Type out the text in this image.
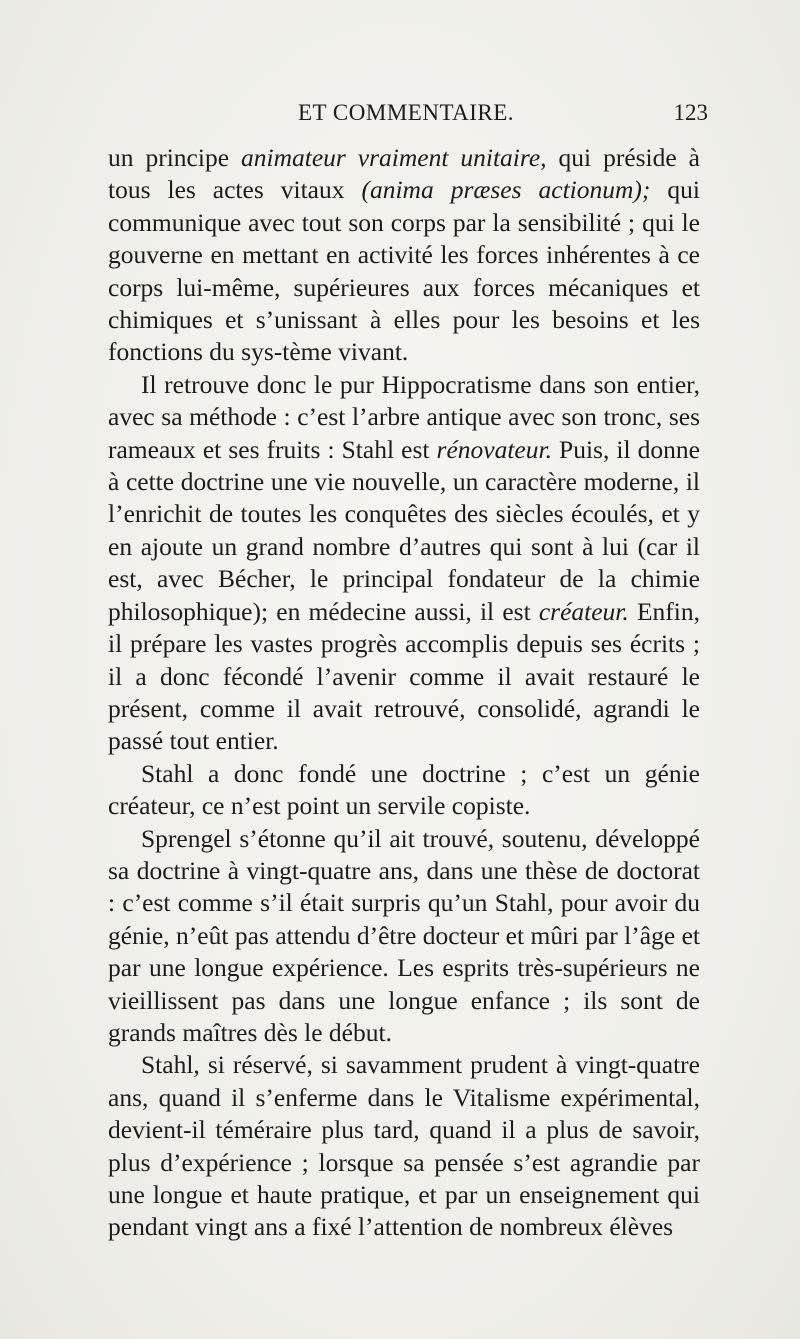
ET COMMENTAIRE.	123

un principe animateur vraiment unitaire, qui préside à tous les actes vitaux (anima præses actionum); qui communique avec tout son corps par la sensibilité ; qui le gouverne en mettant en activité les forces inhérentes à ce corps lui-même, supérieures aux forces mécaniques et chimiques et s’unissant à elles pour les besoins et les fonctions du sys-tème vivant.

Il retrouve donc le pur Hippocratisme dans son entier, avec sa méthode : c’est l’arbre antique avec son tronc, ses rameaux et ses fruits : Stahl est rénovateur. Puis, il donne à cette doctrine une vie nouvelle, un caractère moderne, il l’enrichit de toutes les conquêtes des siècles écoulés, et y en ajoute un grand nombre d’autres qui sont à lui (car il est, avec Bécher, le principal fondateur de la chimie philosophique); en médecine aussi, il est créateur. Enfin, il prépare les vastes progrès accomplis depuis ses écrits ; il a donc fécondé l’avenir comme il avait restauré le présent, comme il avait retrouvé, consolidé, agrandi le passé tout entier.

Stahl a donc fondé une doctrine ; c’est un génie créateur, ce n’est point un servile copiste.

Sprengel s’étonne qu’il ait trouvé, soutenu, développé sa doctrine à vingt-quatre ans, dans une thèse de doctorat : c’est comme s’il était surpris qu’un Stahl, pour avoir du génie, n’eût pas attendu d’être docteur et mûri par l’âge et par une longue expérience. Les esprits très-supérieurs ne vieillissent pas dans une longue enfance ; ils sont de grands maîtres dès le début.

Stahl, si réservé, si savamment prudent à vingt-quatre ans, quand il s’enferme dans le Vitalisme expérimental, devient-il téméraire plus tard, quand il a plus de savoir, plus d’expérience ; lorsque sa pensée s’est agrandie par une longue et haute pratique, et par un enseignement qui pendant vingt ans a fixé l’attention de nombreux élèves
